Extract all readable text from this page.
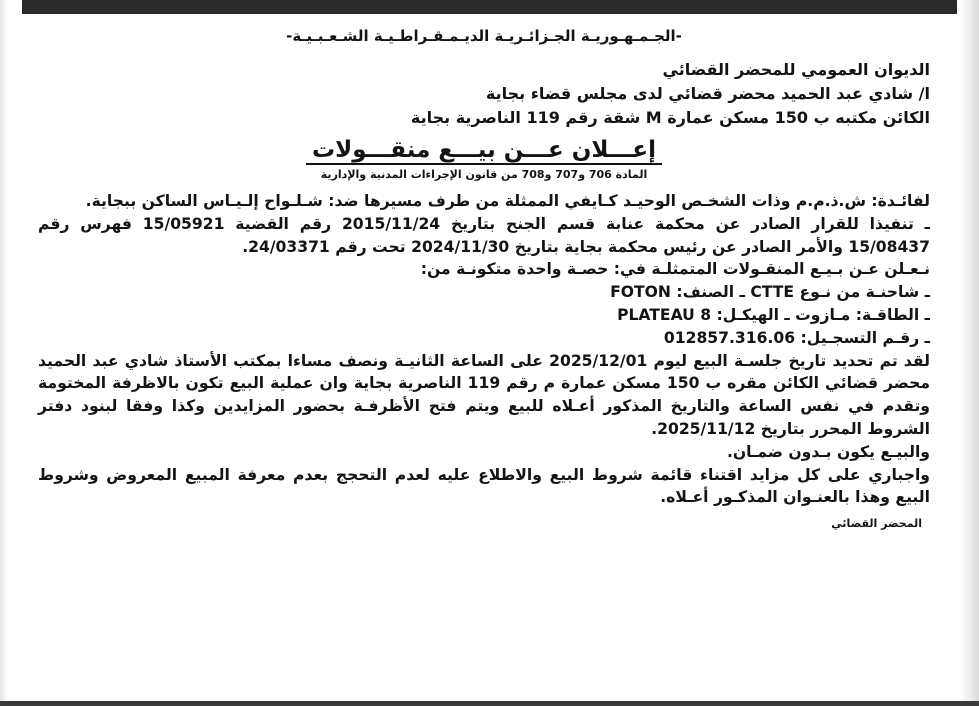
-الجـمـهـوريـة الجـزائـريـة الديـمـقـراطـيـة الشـعـبـيـة-
الديوان العمومي للمحضر القضائي
ا/ شادي عبد الحميد محضر قضائي لدى مجلس قضاء بجاية
الكائن مكتبه ب 150 مسكن عمارة M شقة رقم 119 الناصرية بجاية
إعـــلان عـــن بيـــع منقـــولات
المادة 706 و707 و708 من قانون الإجراءات المدنية والإدارية
لفائـدة: ش.ذ.م.م وذات الشخـص الوحيـد كـايفي الممثلة من طرف مسيرها ضد: شـلـواح إلـيـاس الساكن ببجاية.
ـ تنفيذا للقرار الصادر عن محكمة عنابة قسم الجنح بتاريخ 2015/11/24 رقم القضية 15/05921 فهرس رقم 15/08437 والأمر الصادر عن رئيس محكمة بجاية بتاريخ 2024/11/30 تحت رقم 24/03371.
نـعـلن عـن بـيـع المنقـولات المتمثلـة في: حصـة واحدة متكونـة من:
ـ شاحنـة من نـوع CTTE ـ الصنف: FOTON
ـ الطاقـة: مـازوت ـ الهيكـل: PLATEAU 8
ـ رقـم التسجـيل: 012857.316.06
لقد تم تحديد تاريخ جلسـة البيع ليوم 2025/12/01 على الساعة الثانيـة ونصف مساءا بمكتب الأستاذ شادي عبد الحميد محضر قضائي الكائن مقره ب 150 مسكن عمارة م رقم 119 الناصرية بجاية وان عملية البيع تكون بالاظرفة المختومة وتقدم في نفس الساعة والتاريخ المذكور أعـلاه للبيع ويتم فتح الأظرفـة بحضور المزايدين وكذا وفقا لبنود دفتر الشروط المحرر بتاريخ 2025/11/12.
والبيـع يكون بـدون ضمـان.
واجباري على كل مزايد اقتناء قائمة شروط البيع والاطلاع عليه لعدم التحجج بعدم معرفة المبيع المعروض وشروط البيع وهذا بالعنـوان المذكـور أعـلاه.
المحضر القضائي
